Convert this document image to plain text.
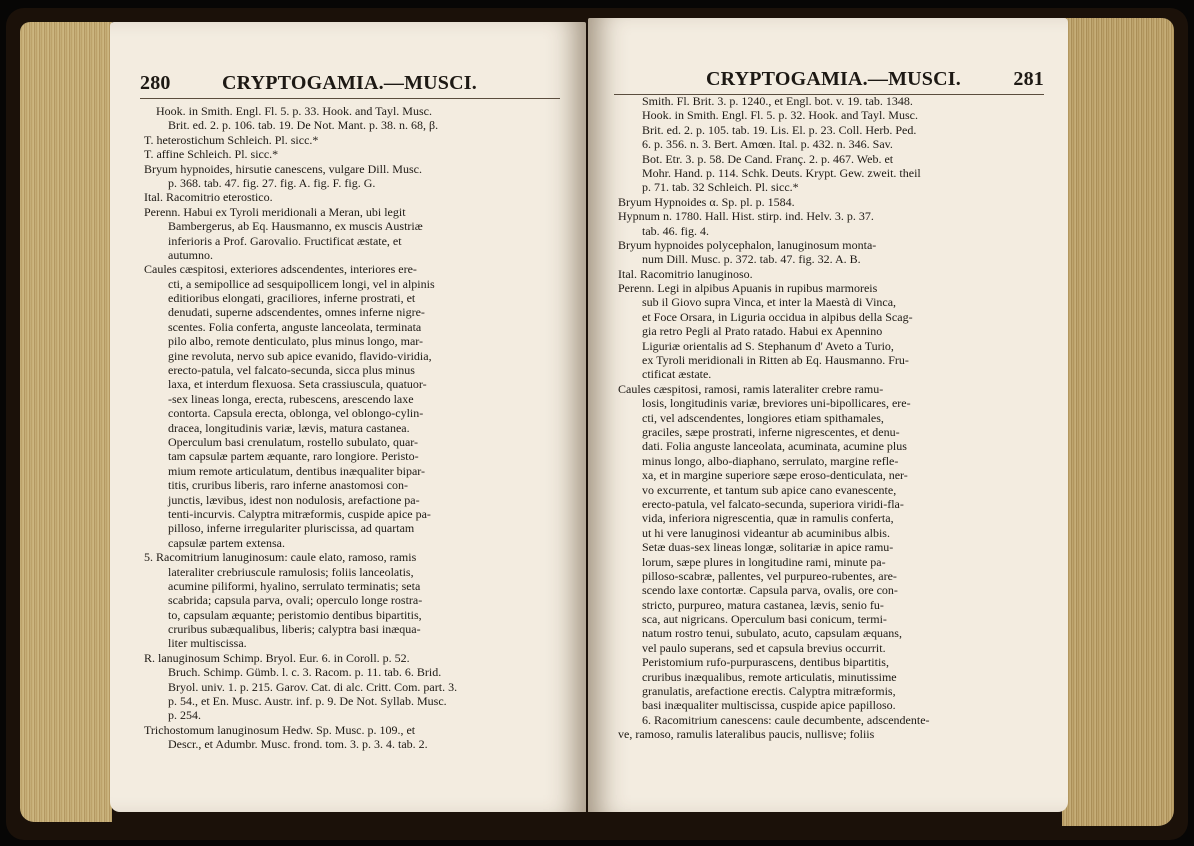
280	CRYPTOGAMIA.—MUSCI.
Hook. in Smith. Engl. Fl. 5. p. 33. Hook. and Tayl. Musc.
Brit. ed. 2. p. 106. tab. 19. De Not. Mant. p. 38. n. 68, β.
T. heterostichum Schleich. Pl. sicc.*
T. affine Schleich. Pl. sicc.*
Bryum hypnoides, hirsutie canescens, vulgare Dill. Musc.
p. 368. tab. 47. fig. 27. fig. A. fig. F. fig. G.
Ital. Racomitrio eterostico.
Perenn. Habui ex Tyroli meridionali a Meran, ubi legit
Bambergerus, ab Eq. Hausmanno, ex muscis Austriæ
inferioris a Prof. Garovalio. Fructificat æstate, et
autumno.
Caules cæspitosi, exteriores adscendentes, interiores ere-
cti, a semipollice ad sesquipollicem longi, vel in alpinis
editioribus elongati, graciliores, inferne prostrati, et
denudati, superne adscendentes, omnes inferne nigre-
scentes. Folia conferta, anguste lanceolata, terminata
pilo albo, remote denticulato, plus minus longo, mar-
gine revoluta, nervo sub apice evanido, flavido-viridia,
erecto-patula, vel falcato-secunda, sicca plus minus
laxa, et interdum flexuosa. Seta crassiuscula, quatuor-
-sex lineas longa, erecta, rubescens, arescendo laxe
contorta. Capsula erecta, oblonga, vel oblongo-cylin-
dracea, longitudinis variæ, lævis, matura castanea.
Operculum basi crenulatum, rostello subulato, quar-
tam capsulæ partem æquante, raro longiore. Peristo-
mium remote articulatum, dentibus inæqualiter bipar-
titis, cruribus liberis, raro inferne anastomosi con-
junctis, lævibus, idest non nodulosis, arefactione pa-
tenti-incurvis. Calyptra mitræformis, cuspide apice pa-
pilloso, inferne irregulariter pluriscissa, ad quartam
capsulæ partem extensa.
5. Racomitrium lanuginosum: caule elato, ramoso, ramis
lateraliter crebriuscule ramulosis; foliis lanceolatis,
acumine piliformi, hyalino, serrulato terminatis; seta
scabrida; capsula parva, ovali; operculo longe rostra-
to, capsulam æquante; peristomio dentibus bipartitis,
cruribus subæqualibus, liberis; calyptra basi inæqua-
liter multiscissa.
R. lanuginosum Schimp. Bryol. Eur. 6. in Coroll. p. 52.
Bruch. Schimp. Gümb. l. c. 3. Racom. p. 11. tab. 6. Brid.
Bryol. univ. 1. p. 215. Garov. Cat. di alc. Critt. Com. part. 3.
p. 54., et En. Musc. Austr. inf. p. 9. De Not. Syllab. Musc.
p. 254.
Trichostomum lanuginosum Hedw. Sp. Musc. p. 109., et
Descr., et Adumbr. Musc. frond. tom. 3. p. 3. 4. tab. 2.
CRYPTOGAMIA.—MUSCI.	281
Smith. Fl. Brit. 3. p. 1240., et Engl. bot. v. 19. tab. 1348.
Hook. in Smith. Engl. Fl. 5. p. 32. Hook. and Tayl. Musc.
Brit. ed. 2. p. 105. tab. 19. Lis. El. p. 23. Coll. Herb. Ped.
6. p. 356. n. 3. Bert. Amœn. Ital. p. 432. n. 346. Sav.
Bot. Etr. 3. p. 58. De Cand. Franç. 2. p. 467. Web. et
Mohr. Hand. p. 114. Schk. Deuts. Krypt. Gew. zweit. theil
p. 71. tab. 32 Schleich. Pl. sicc.*
Bryum Hypnoides α. Sp. pl. p. 1584.
Hypnum n. 1780. Hall. Hist. stirp. ind. Helv. 3. p. 37.
tab. 46. fig. 4.
Bryum hypnoides polycephalon, lanuginosum monta-
num Dill. Musc. p. 372. tab. 47. fig. 32. A. B.
Ital. Racomitrio lanuginoso.
Perenn. Legi in alpibus Apuanis in rupibus marmoreis
sub il Giovo supra Vinca, et inter la Maestà di Vinca,
et Foce Orsara, in Liguria occidua in alpibus della Scag-
gia retro Pegli al Prato ratado. Habui ex Apennino
Liguriæ orientalis ad S. Stephanum d' Aveto a Turio,
ex Tyroli meridionali in Ritten ab Eq. Hausmanno. Fru-
ctificat æstate.
Caules cæspitosi, ramosi, ramis lateraliter crebre ramu-
losis, longitudinis variæ, breviores uni-bipollicares, ere-
cti, vel adscendentes, longiores etiam spithamales,
graciles, sæpe prostrati, inferne nigrescentes, et denu-
dati. Folia anguste lanceolata, acuminata, acumine plus
minus longo, albo-diaphano, serrulato, margine refle-
xa, et in margine superiore sæpe eroso-denticulata, ner-
vo excurrente, et tantum sub apice cano evanescente,
erecto-patula, vel falcato-secunda, superiora viridi-fla-
vida, inferiora nigrescentia, quæ in ramulis conferta,
ut hi vere lanuginosi videantur ab acuminibus albis.
Setæ duas-sex lineas longæ, solitariæ in apice ramu-
lorum, sæpe plures in longitudine rami, minute pa-
pilloso-scabræ, pallentes, vel purpureo-rubentes, are-
scendo laxe contortæ. Capsula parva, ovalis, ore con-
stricto, purpureo, matura castanea, lævis, senio fu-
sca, aut nigricans. Operculum basi conicum, termi-
natum rostro tenui, subulato, acuto, capsulam æquans,
vel paulo superans, sed et capsula brevius occurrit.
Peristomium rufo-purpurascens, dentibus bipartitis,
cruribus inæqualibus, remote articulatis, minutissime
granulatis, arefactione erectis. Calyptra mitræformis,
basi inæqualiter multiscissa, cuspide apice papilloso.
6. Racomitrium canescens: caule decumbente, adscendente-
ve, ramoso, ramulis lateralibus paucis, nullisve; foliis
